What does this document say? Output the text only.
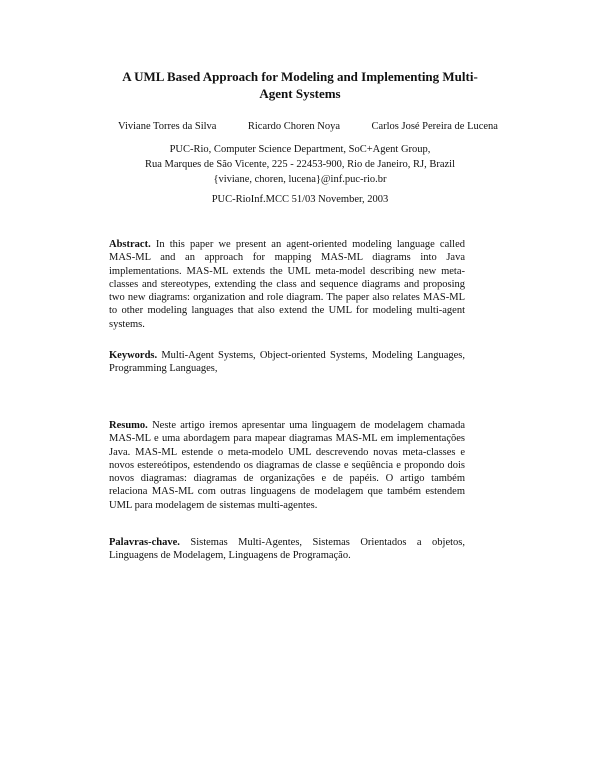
A UML Based Approach for Modeling and Implementing Multi-
Agent Systems
Viviane Torres da Silva	Ricardo Choren Noya	Carlos José Pereira de Lucena
PUC-Rio, Computer Science Department, SoC+Agent Group,
Rua Marques de São Vicente, 225 - 22453-900, Rio de Janeiro, RJ, Brazil
{viviane, choren, lucena}@inf.puc-rio.br
PUC-RioInf.MCC 51/03 November, 2003
Abstract. In this paper we present an agent-oriented modeling language called MAS-ML and an approach for mapping MAS-ML diagrams into Java implementations. MAS-ML extends the UML meta-model describing new meta-classes and stereotypes, extending the class and sequence diagrams and proposing two new diagrams: organization and role diagram. The paper also relates MAS-ML to other modeling languages that also extend the UML for modeling multi-agent systems.
Keywords. Multi-Agent Systems, Object-oriented Systems, Modeling Languages, Programming Languages,
Resumo. Neste artigo iremos apresentar uma linguagem de modelagem chamada MAS-ML e uma abordagem para mapear diagramas MAS-ML em implementações Java. MAS-ML estende o meta-modelo UML descrevendo novas meta-classes e novos estereótipos, estendendo os diagramas de classe e seqüência e propondo dois novos diagramas: diagramas de organizações e de papéis. O artigo também relaciona MAS-ML com outras linguagens de modelagem que também estendem UML para modelagem de sistemas multi-agentes.
Palavras-chave. Sistemas Multi-Agentes, Sistemas Orientados a objetos, Linguagens de Modelagem, Linguagens de Programação.
